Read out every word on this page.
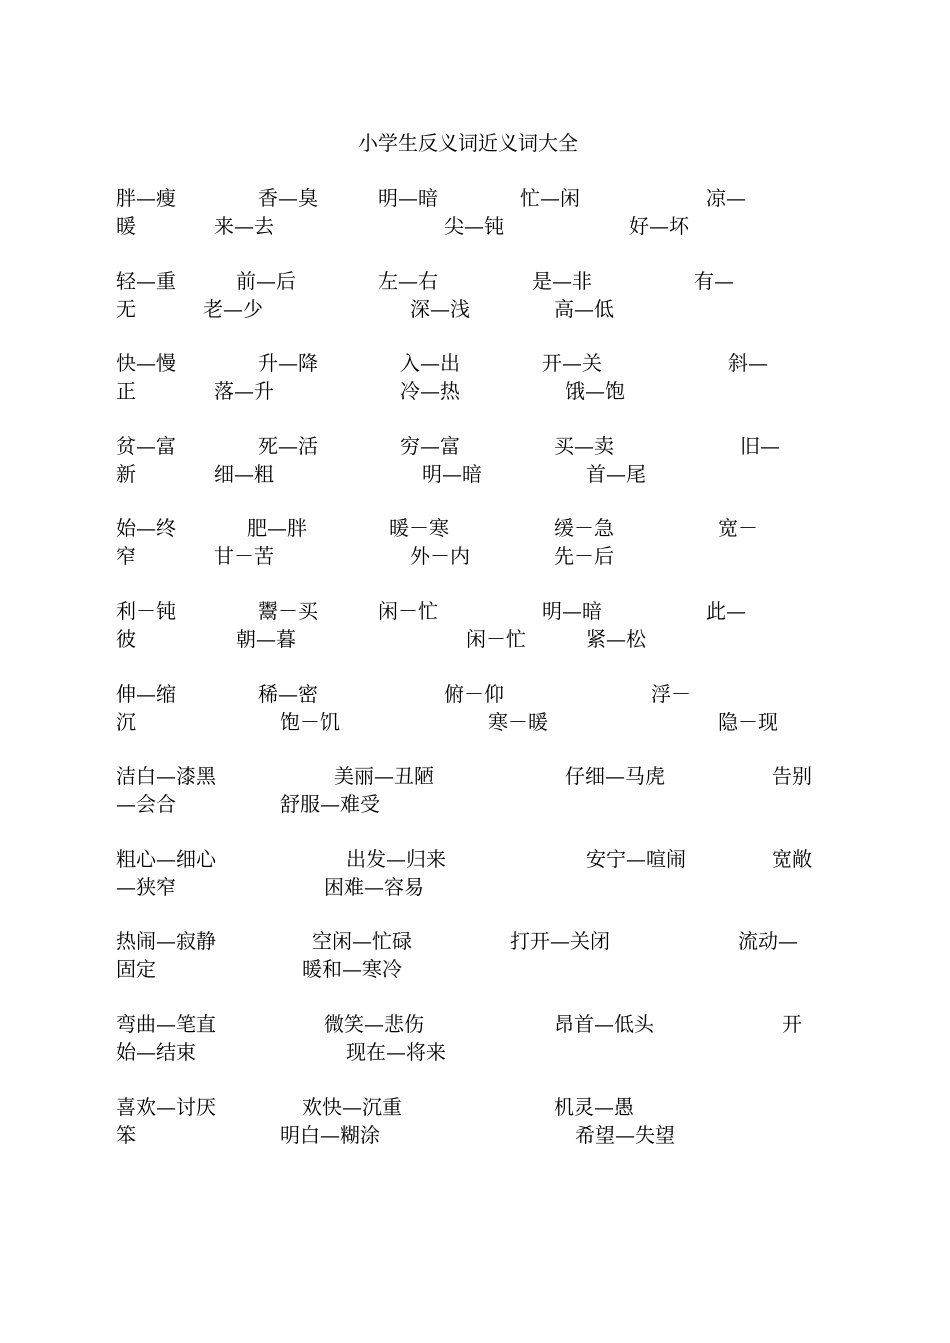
小学生反义词近义词大全
胖—瘦	香—臭	明—暗	忙—闲	凉—
暖	来—去	尖—钝	好—坏
轻—重	前—后	左—右	是—非	有—
无	老—少	深—浅	高—低
快—慢	升—降	入—出	开—关	斜—
正	落—升	冷—热	饿—饱
贫—富	死—活	穷—富	买—卖	旧—
新	细—粗	明—暗	首—尾
始—终	肥—胖	暖－寒	缓－急	宽－
窄	甘－苦	外－内	先－后
利－钝	鬻－买	闲－忙	明—暗	此—
彼	朝—暮	闲－忙	紧—松
伸—缩	稀—密	俯－仰	浮－
沉	饱－饥	寒－暖	隐－现
洁白—漆黑	美丽—丑陋	仔细—马虎	告别
—会合	舒服—难受
粗心—细心	出发—归来	安宁—喧闹	宽敞
—狭窄	困难—容易
热闹—寂静	空闲—忙碌	打开—关闭	流动—
固定	暖和—寒冷
弯曲—笔直	微笑—悲伤	昂首—低头	开
始—结束	现在—将来
喜欢—讨厌	欢快—沉重	机灵—愚
笨	明白—糊涂	希望—失望
